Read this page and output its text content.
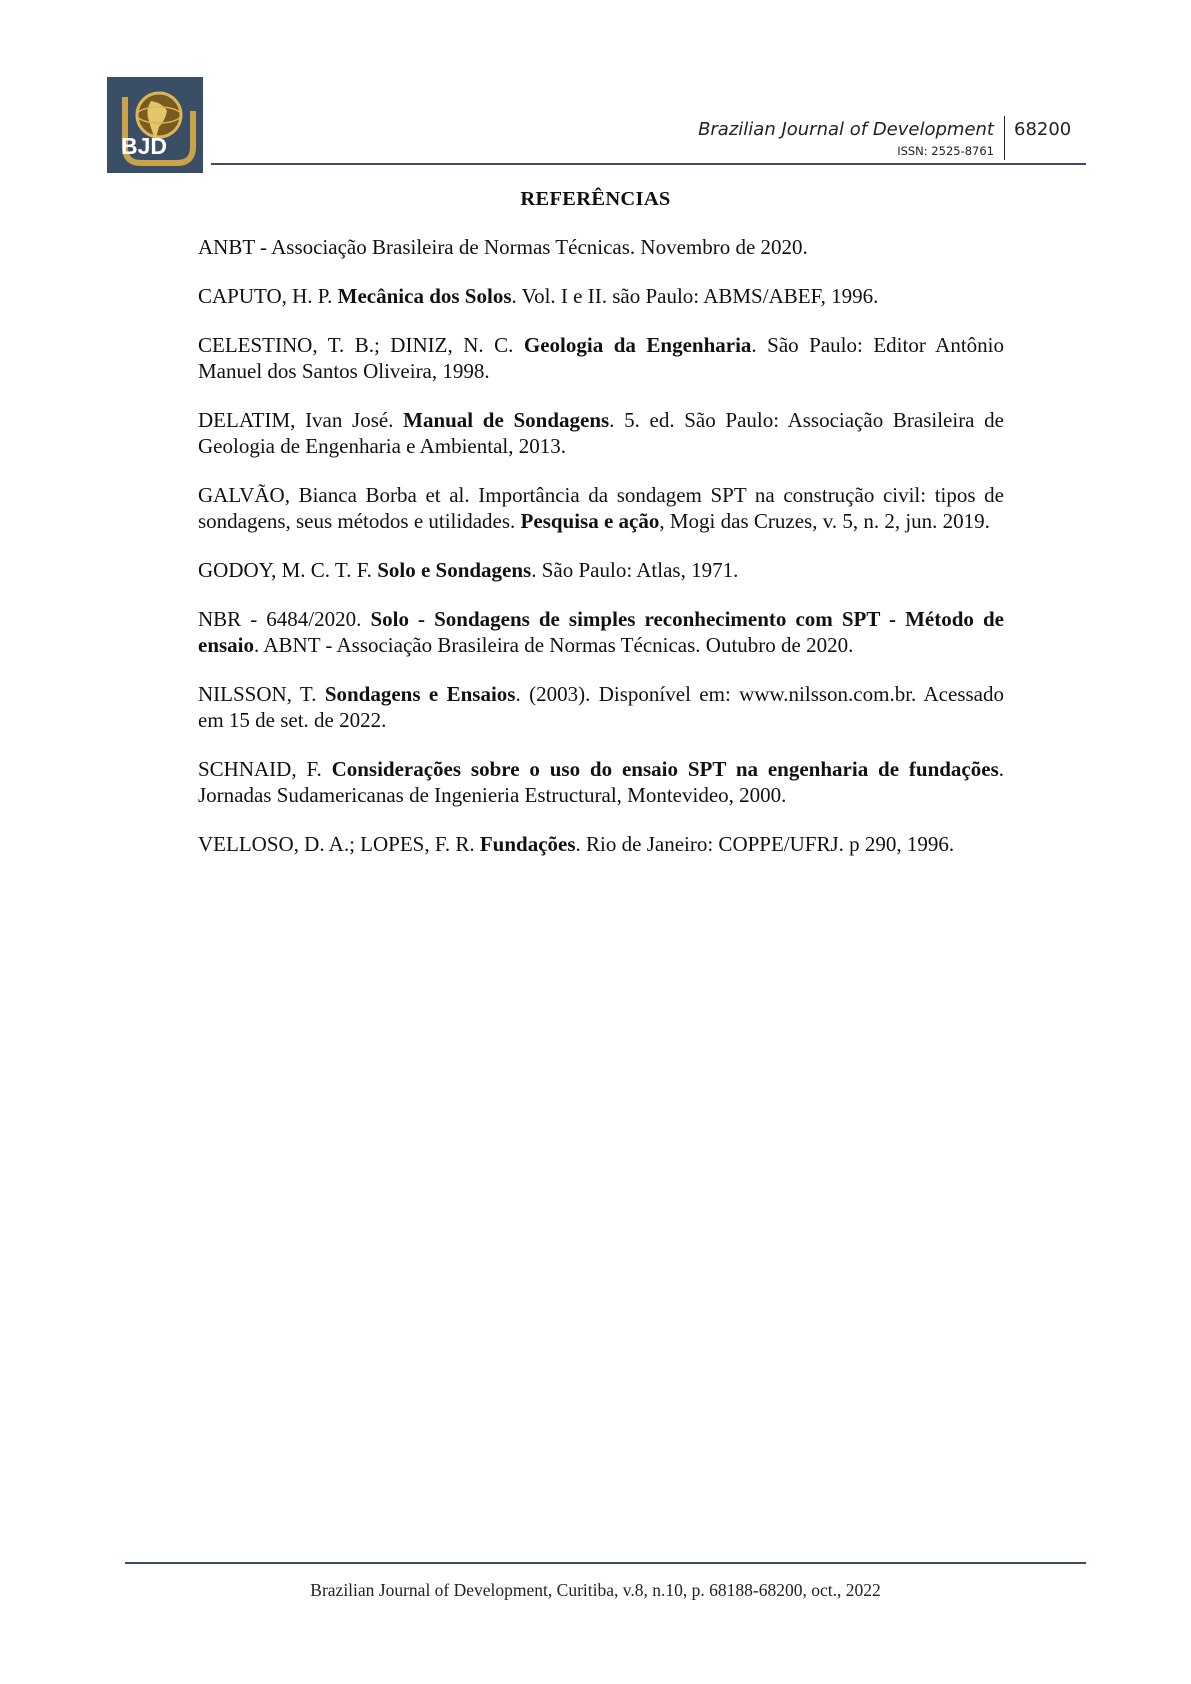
BJD
Brazilian Journal of Development
ISSN: 2525-8761
68200
REFERÊNCIAS
ANBT - Associação Brasileira de Normas Técnicas. Novembro de 2020.
CAPUTO, H. P. Mecânica dos Solos. Vol. I e II. são Paulo: ABMS/ABEF, 1996.
CELESTINO, T. B.; DINIZ, N. C. Geologia da Engenharia. São Paulo: Editor Antônio Manuel dos Santos Oliveira, 1998.
DELATIM, Ivan José. Manual de Sondagens. 5. ed. São Paulo: Associação Brasileira de Geologia de Engenharia e Ambiental, 2013.
GALVÃO, Bianca Borba et al. Importância da sondagem SPT na construção civil: tipos de sondagens, seus métodos e utilidades. Pesquisa e ação, Mogi das Cruzes, v. 5, n. 2, jun. 2019.
GODOY, M. C. T. F. Solo e Sondagens. São Paulo: Atlas, 1971.
NBR - 6484/2020. Solo - Sondagens de simples reconhecimento com SPT - Método de ensaio. ABNT - Associação Brasileira de Normas Técnicas. Outubro de 2020.
NILSSON, T. Sondagens e Ensaios. (2003). Disponível em: www.nilsson.com.br. Acessado em 15 de set. de 2022.
SCHNAID, F. Considerações sobre o uso do ensaio SPT na engenharia de fundações. Jornadas Sudamericanas de Ingenieria Estructural, Montevideo, 2000.
VELLOSO, D. A.; LOPES, F. R. Fundações. Rio de Janeiro: COPPE/UFRJ. p 290, 1996.
Brazilian Journal of Development, Curitiba, v.8, n.10, p. 68188-68200, oct., 2022
